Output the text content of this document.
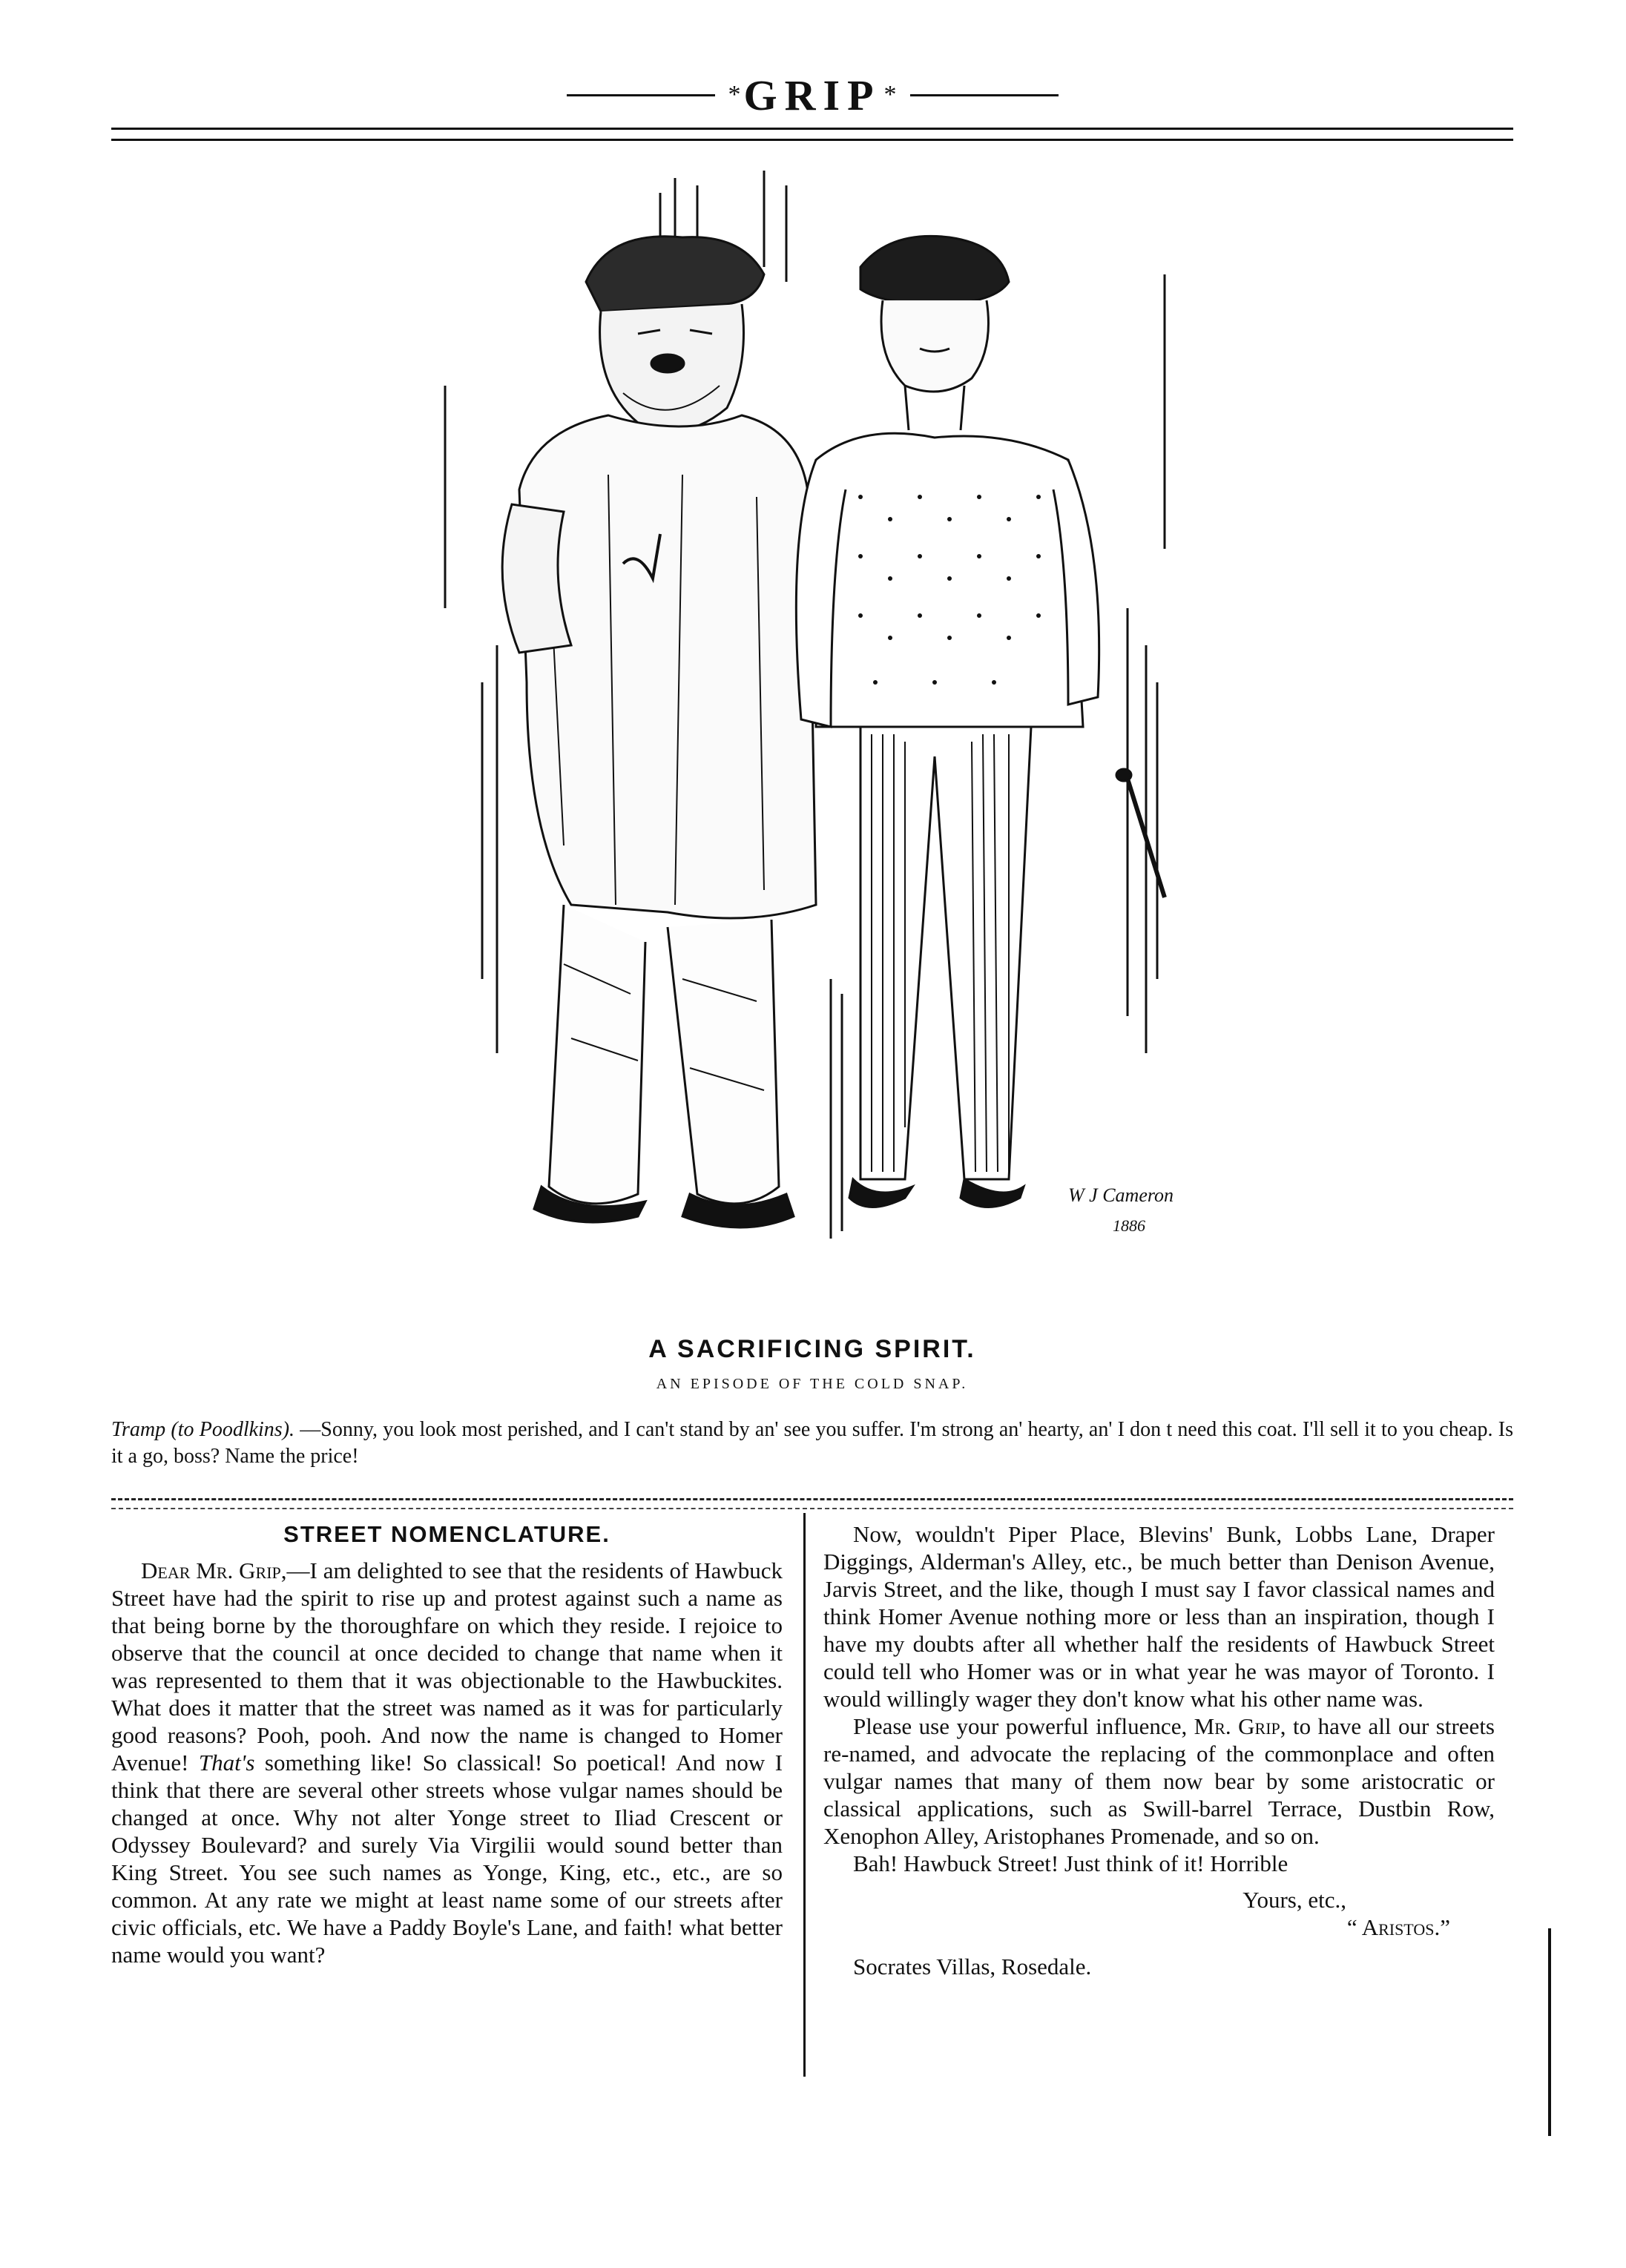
* GRIP *
W J Cameron
1886
A SACRIFICING SPIRIT.
AN EPISODE OF THE COLD SNAP.
Tramp (to Poodlkins). —Sonny, you look most perished, and I can't stand by an' see you suffer. I'm strong an' hearty, an' I don t need this coat. I'll sell it to you cheap. Is it a go, boss? Name the price!
STREET NOMENCLATURE.

Dear Mr. Grip,—I am delighted to see that the residents of Hawbuck Street have had the spirit to rise up and protest against such a name as that being borne by the thoroughfare on which they reside. I rejoice to observe that the council at once decided to change that name when it was represented to them that it was objectionable to the Hawbuckites. What does it matter that the street was named as it was for particularly good reasons? Pooh, pooh. And now the name is changed to Homer Avenue! That's something like! So classical! So poetical! And now I think that there are several other streets whose vulgar names should be changed at once. Why not alter Yonge street to Iliad Crescent or Odyssey Boulevard? and surely Via Virgilii would sound better than King Street. You see such names as Yonge, King, etc., etc., are so common. At any rate we might at least name some of our streets after civic officials, etc. We have a Paddy Boyle's Lane, and faith! what better name would you want?

Now, wouldn't Piper Place, Blevins' Bunk, Lobbs Lane, Draper Diggings, Alderman's Alley, etc., be much better than Denison Avenue, Jarvis Street, and the like, though I must say I favor classical names and think Homer Avenue nothing more or less than an inspiration, though I have my doubts after all whether half the residents of Hawbuck Street could tell who Homer was or in what year he was mayor of Toronto. I would willingly wager they don't know what his other name was.

Please use your powerful influence, Mr. Grip, to have all our streets re-named, and advocate the replacing of the commonplace and often vulgar names that many of them now bear by some aristocratic or classical applications, such as Swill-barrel Terrace, Dustbin Row, Xenophon Alley, Aristophanes Promenade, and so on.

Bah! Hawbuck Street! Just think of it! Horrible

Yours, etc.,
“ Aristos.”
Socrates Villas, Rosedale.
